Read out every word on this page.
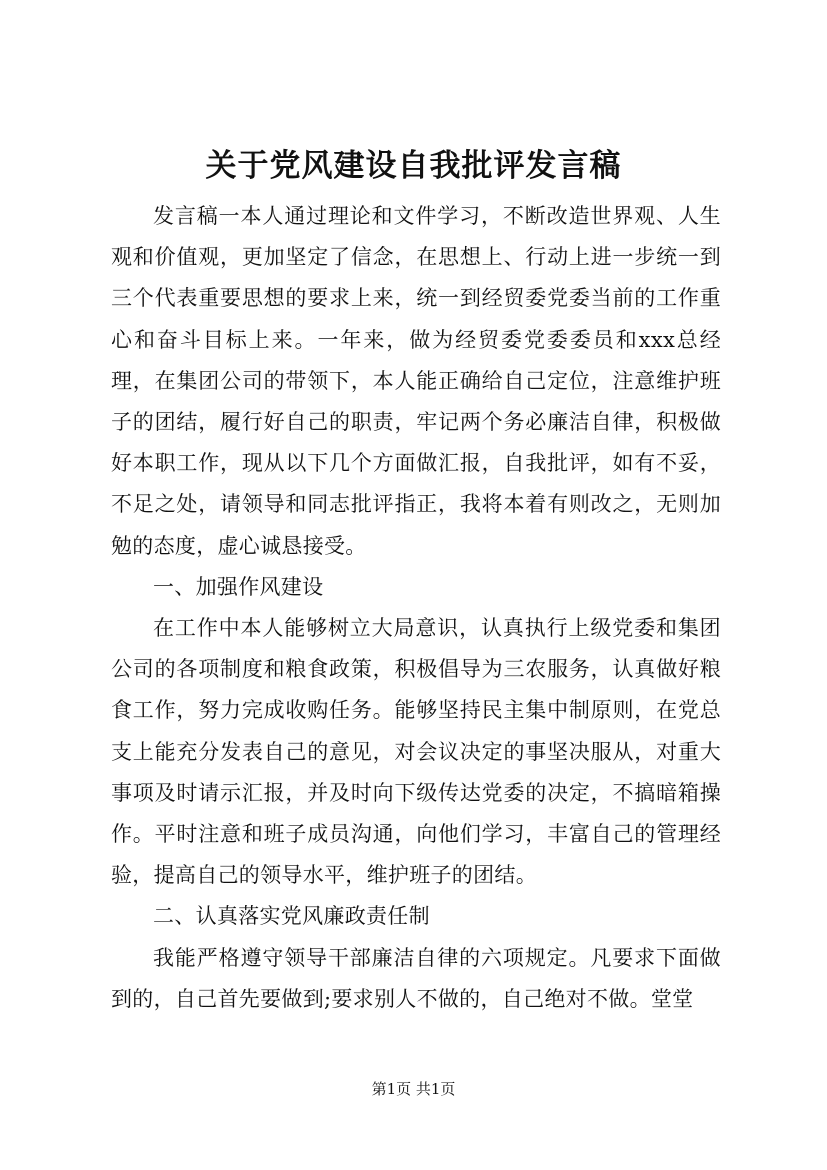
关于党风建设自我批评发言稿

发言稿一本人通过理论和文件学习，不断改造世界观、人生观和价值观，更加坚定了信念，在思想上、行动上进一步统一到三个代表重要思想的要求上来，统一到经贸委党委当前的工作重心和奋斗目标上来。一年来，做为经贸委党委委员和xxx总经理，在集团公司的带领下，本人能正确给自己定位，注意维护班子的团结，履行好自己的职责，牢记两个务必廉洁自律，积极做好本职工作，现从以下几个方面做汇报，自我批评，如有不妥，不足之处，请领导和同志批评指正，我将本着有则改之，无则加勉的态度，虚心诚恳接受。

一、加强作风建设

在工作中本人能够树立大局意识，认真执行上级党委和集团公司的各项制度和粮食政策，积极倡导为三农服务，认真做好粮食工作，努力完成收购任务。能够坚持民主集中制原则，在党总支上能充分发表自己的意见，对会议决定的事坚决服从，对重大事项及时请示汇报，并及时向下级传达党委的决定，不搞暗箱操作。平时注意和班子成员沟通，向他们学习，丰富自己的管理经验，提高自己的领导水平，维护班子的团结。

二、认真落实党风廉政责任制

我能严格遵守领导干部廉洁自律的六项规定。凡要求下面做到的，自己首先要做到;要求别人不做的，自己绝对不做。堂堂

第1页 共1页
